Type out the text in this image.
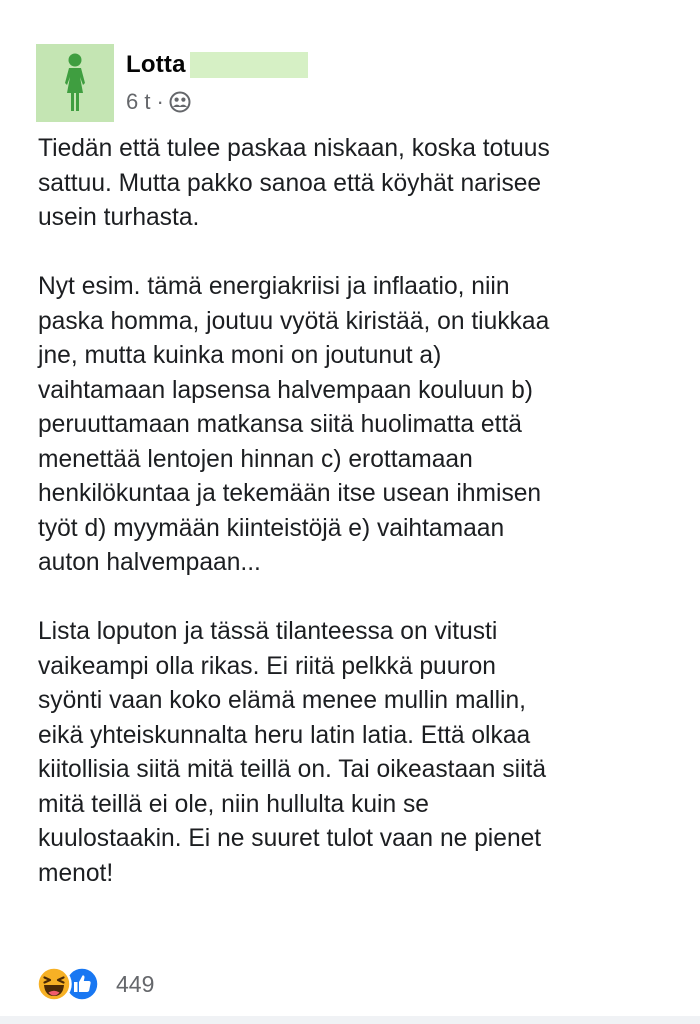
Lotta
6 t ·

Tiedän että tulee paskaa niskaan, koska totuus
sattuu. Mutta pakko sanoa että köyhät narisee
usein turhasta.

Nyt esim. tämä energiakriisi ja inflaatio, niin
paska homma, joutuu vyötä kiristää, on tiukkaa
jne, mutta kuinka moni on joutunut a)
vaihtamaan lapsensa halvempaan kouluun b)
peruuttamaan matkansa siitä huolimatta että
menettää lentojen hinnan c) erottamaan
henkilökuntaa ja tekemään itse usean ihmisen
työt d) myymään kiinteistöjä e) vaihtamaan
auton halvempaan...

Lista loputon ja tässä tilanteessa on vitusti
vaikeampi olla rikas. Ei riitä pelkkä puuron
syönti vaan koko elämä menee mullin mallin,
eikä yhteiskunnalta heru latin latia. Että olkaa
kiitollisia siitä mitä teillä on. Tai oikeastaan siitä
mitä teillä ei ole, niin hullulta kuin se
kuulostaakin. Ei ne suuret tulot vaan ne pienet
menot!

449
